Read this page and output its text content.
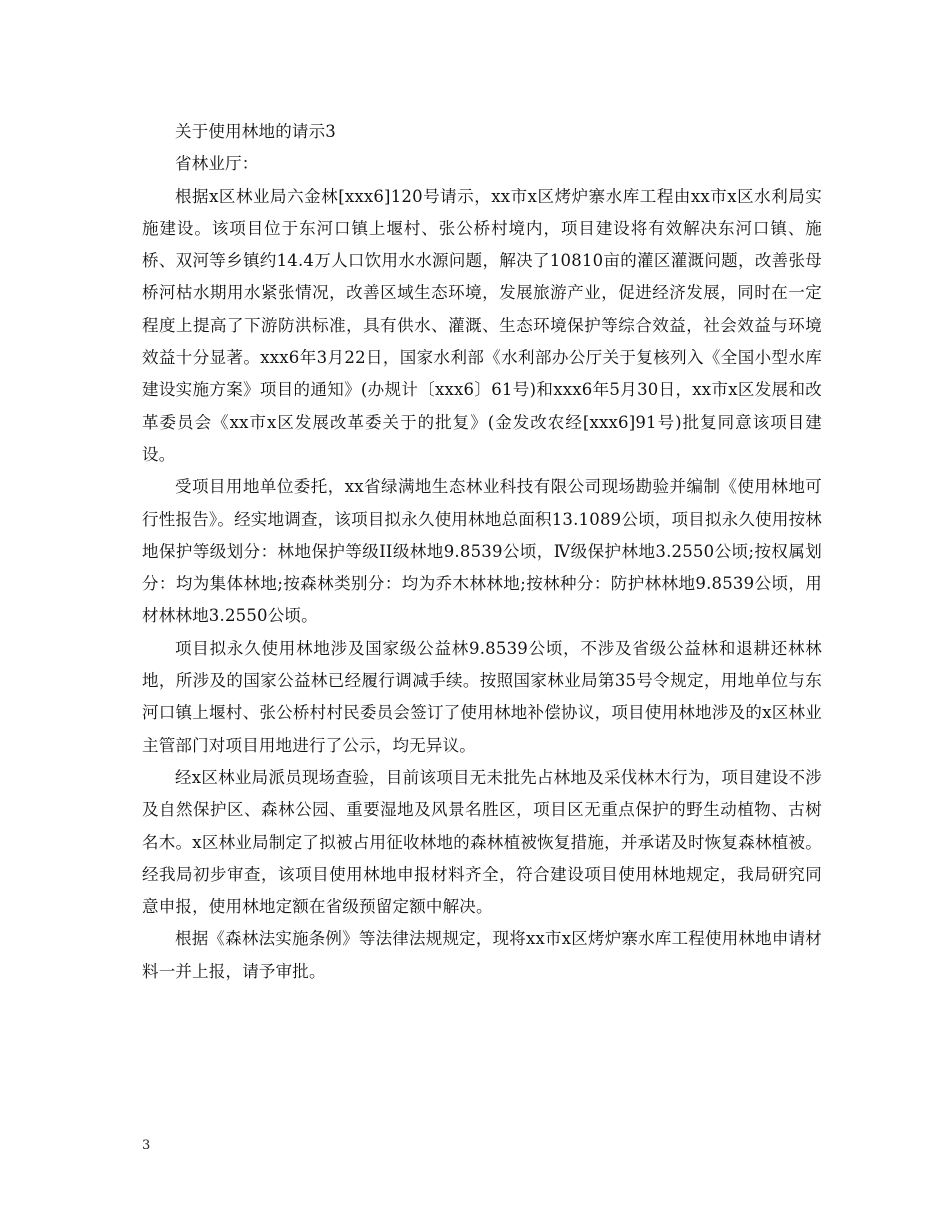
关于使用林地的请示3

省林业厅：

根据x区林业局六金林[xxx6]120号请示，xx市x区烤炉寨水库工程由xx市x区水利局实施建设。该项目位于东河口镇上堰村、张公桥村境内，项目建设将有效解决东河口镇、施桥、双河等乡镇约14.4万人口饮用水水源问题，解决了10810亩的灌区灌溉问题，改善张母桥河枯水期用水紧张情况，改善区域生态环境，发展旅游产业，促进经济发展，同时在一定程度上提高了下游防洪标准，具有供水、灌溉、生态环境保护等综合效益，社会效益与环境效益十分显著。xxx6年3月22日，国家水利部《水利部办公厅关于复核列入《全国小型水库建设实施方案》项目的通知》(办规计〔xxx6〕61号)和xxx6年5月30日，xx市x区发展和改革委员会《xx市x区发展改革委关于的批复》(金发改农经[xxx6]91号)批复同意该项目建设。

受项目用地单位委托，xx省绿满地生态林业科技有限公司现场勘验并编制《使用林地可行性报告》。经实地调查，该项目拟永久使用林地总面积13.1089公顷，项目拟永久使用按林地保护等级划分：林地保护等级II级林地9.8539公顷，Ⅳ级保护林地3.2550公顷;按权属划分：均为集体林地;按森林类别分：均为乔木林林地;按林种分：防护林林地9.8539公顷，用材林林地3.2550公顷。

项目拟永久使用林地涉及国家级公益林9.8539公顷，不涉及省级公益林和退耕还林林地，所涉及的国家公益林已经履行调减手续。按照国家林业局第35号令规定，用地单位与东河口镇上堰村、张公桥村村民委员会签订了使用林地补偿协议，项目使用林地涉及的x区林业主管部门对项目用地进行了公示，均无异议。

经x区林业局派员现场查验，目前该项目无未批先占林地及采伐林木行为，项目建设不涉及自然保护区、森林公园、重要湿地及风景名胜区，项目区无重点保护的野生动植物、古树名木。x区林业局制定了拟被占用征收林地的森林植被恢复措施，并承诺及时恢复森林植被。经我局初步审查，该项目使用林地申报材料齐全，符合建设项目使用林地规定，我局研究同意申报，使用林地定额在省级预留定额中解决。

根据《森林法实施条例》等法律法规规定，现将xx市x区烤炉寨水库工程使用林地申请材料一并上报，请予审批。

3
